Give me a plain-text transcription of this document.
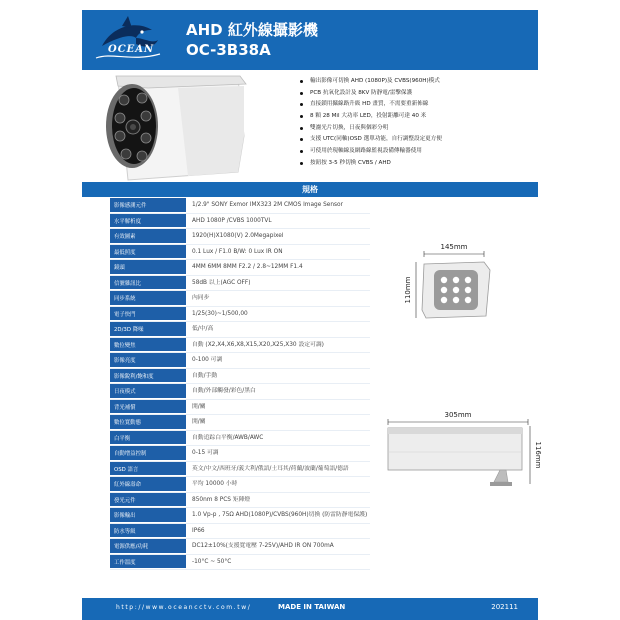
OCEAN
AHD 紅外線攝影機
OC-3B38A
輸出影像可切換 AHD (1080P)及 CVBS(960H)模式
PCB 抗氧化設計及 8KV 防靜電/雷擊保護
直接鎖用攝線路升級 HD 畫質，不需要重新佈線
8 顆 28 Mil 大功率 LED，投射距離可達 40 米
雙濾光片切換，日夜與個彩分明
支援 UTC(同軸)OSD 選單功能，自行調整設定更方便
可使用於現軸線及網路線監視設備傳輸器使用
按鈕按 3-5 秒切換 CVBS / AHD
規格
影像感測元件	1/2.9" SONY Exmor IMX323 2M CMOS Image Sensor
水平解析度	AHD 1080P /CVBS 1000TVL
有效圖素	1920(H)X1080(V) 2.0Megapixel
最低照度	0.1 Lux / F1.0 B/W: 0 Lux IR ON
鏡頭	4MM 6MM 8MM F2.2 / 2.8~12MM F1.4
信號雜訊比	58dB 以上(AGC OFF)
同步系統	內同步
電子快門	1/25(30)~1/500,00
2D/3D 降噪	低/中/高
數位變焦	自動 (X2,X4,X6,X8,X15,X20,X25,X30 設定可調)
影像亮度	0-100 可調
影像銳利/飽和度	自動/手動
日夜模式	自動/外部觸發/彩色/黑白
背光補償	開/關
數位寬動態	開/關
白平衡	自動追踪白平衡/AWB/AWC
自動增益控制	0-15 可調
OSD 語言	英文/中文/西班牙/義大利/俄語/土耳其/荷蘭/波蘭/葡萄語/德語
紅外線壽命	平均 10000 小時
發光元件	850nm 8 PCS 矩陣燈
影像輸出	1.0 Vp-p , 75Ω AHD(1080P)/CVBS(960H)切換 (防雷防靜電保護)
防水等級	IP66
電源供應/功耗	DC12±10%(支援寬電壓 7-25V)/AHD IR ON 700mA
工作溫度	-10°C ~ 50°C
145mm
110mm
305mm
116mm
http://www.oceancctv.com.tw/	MADE IN TAIWAN	202111
